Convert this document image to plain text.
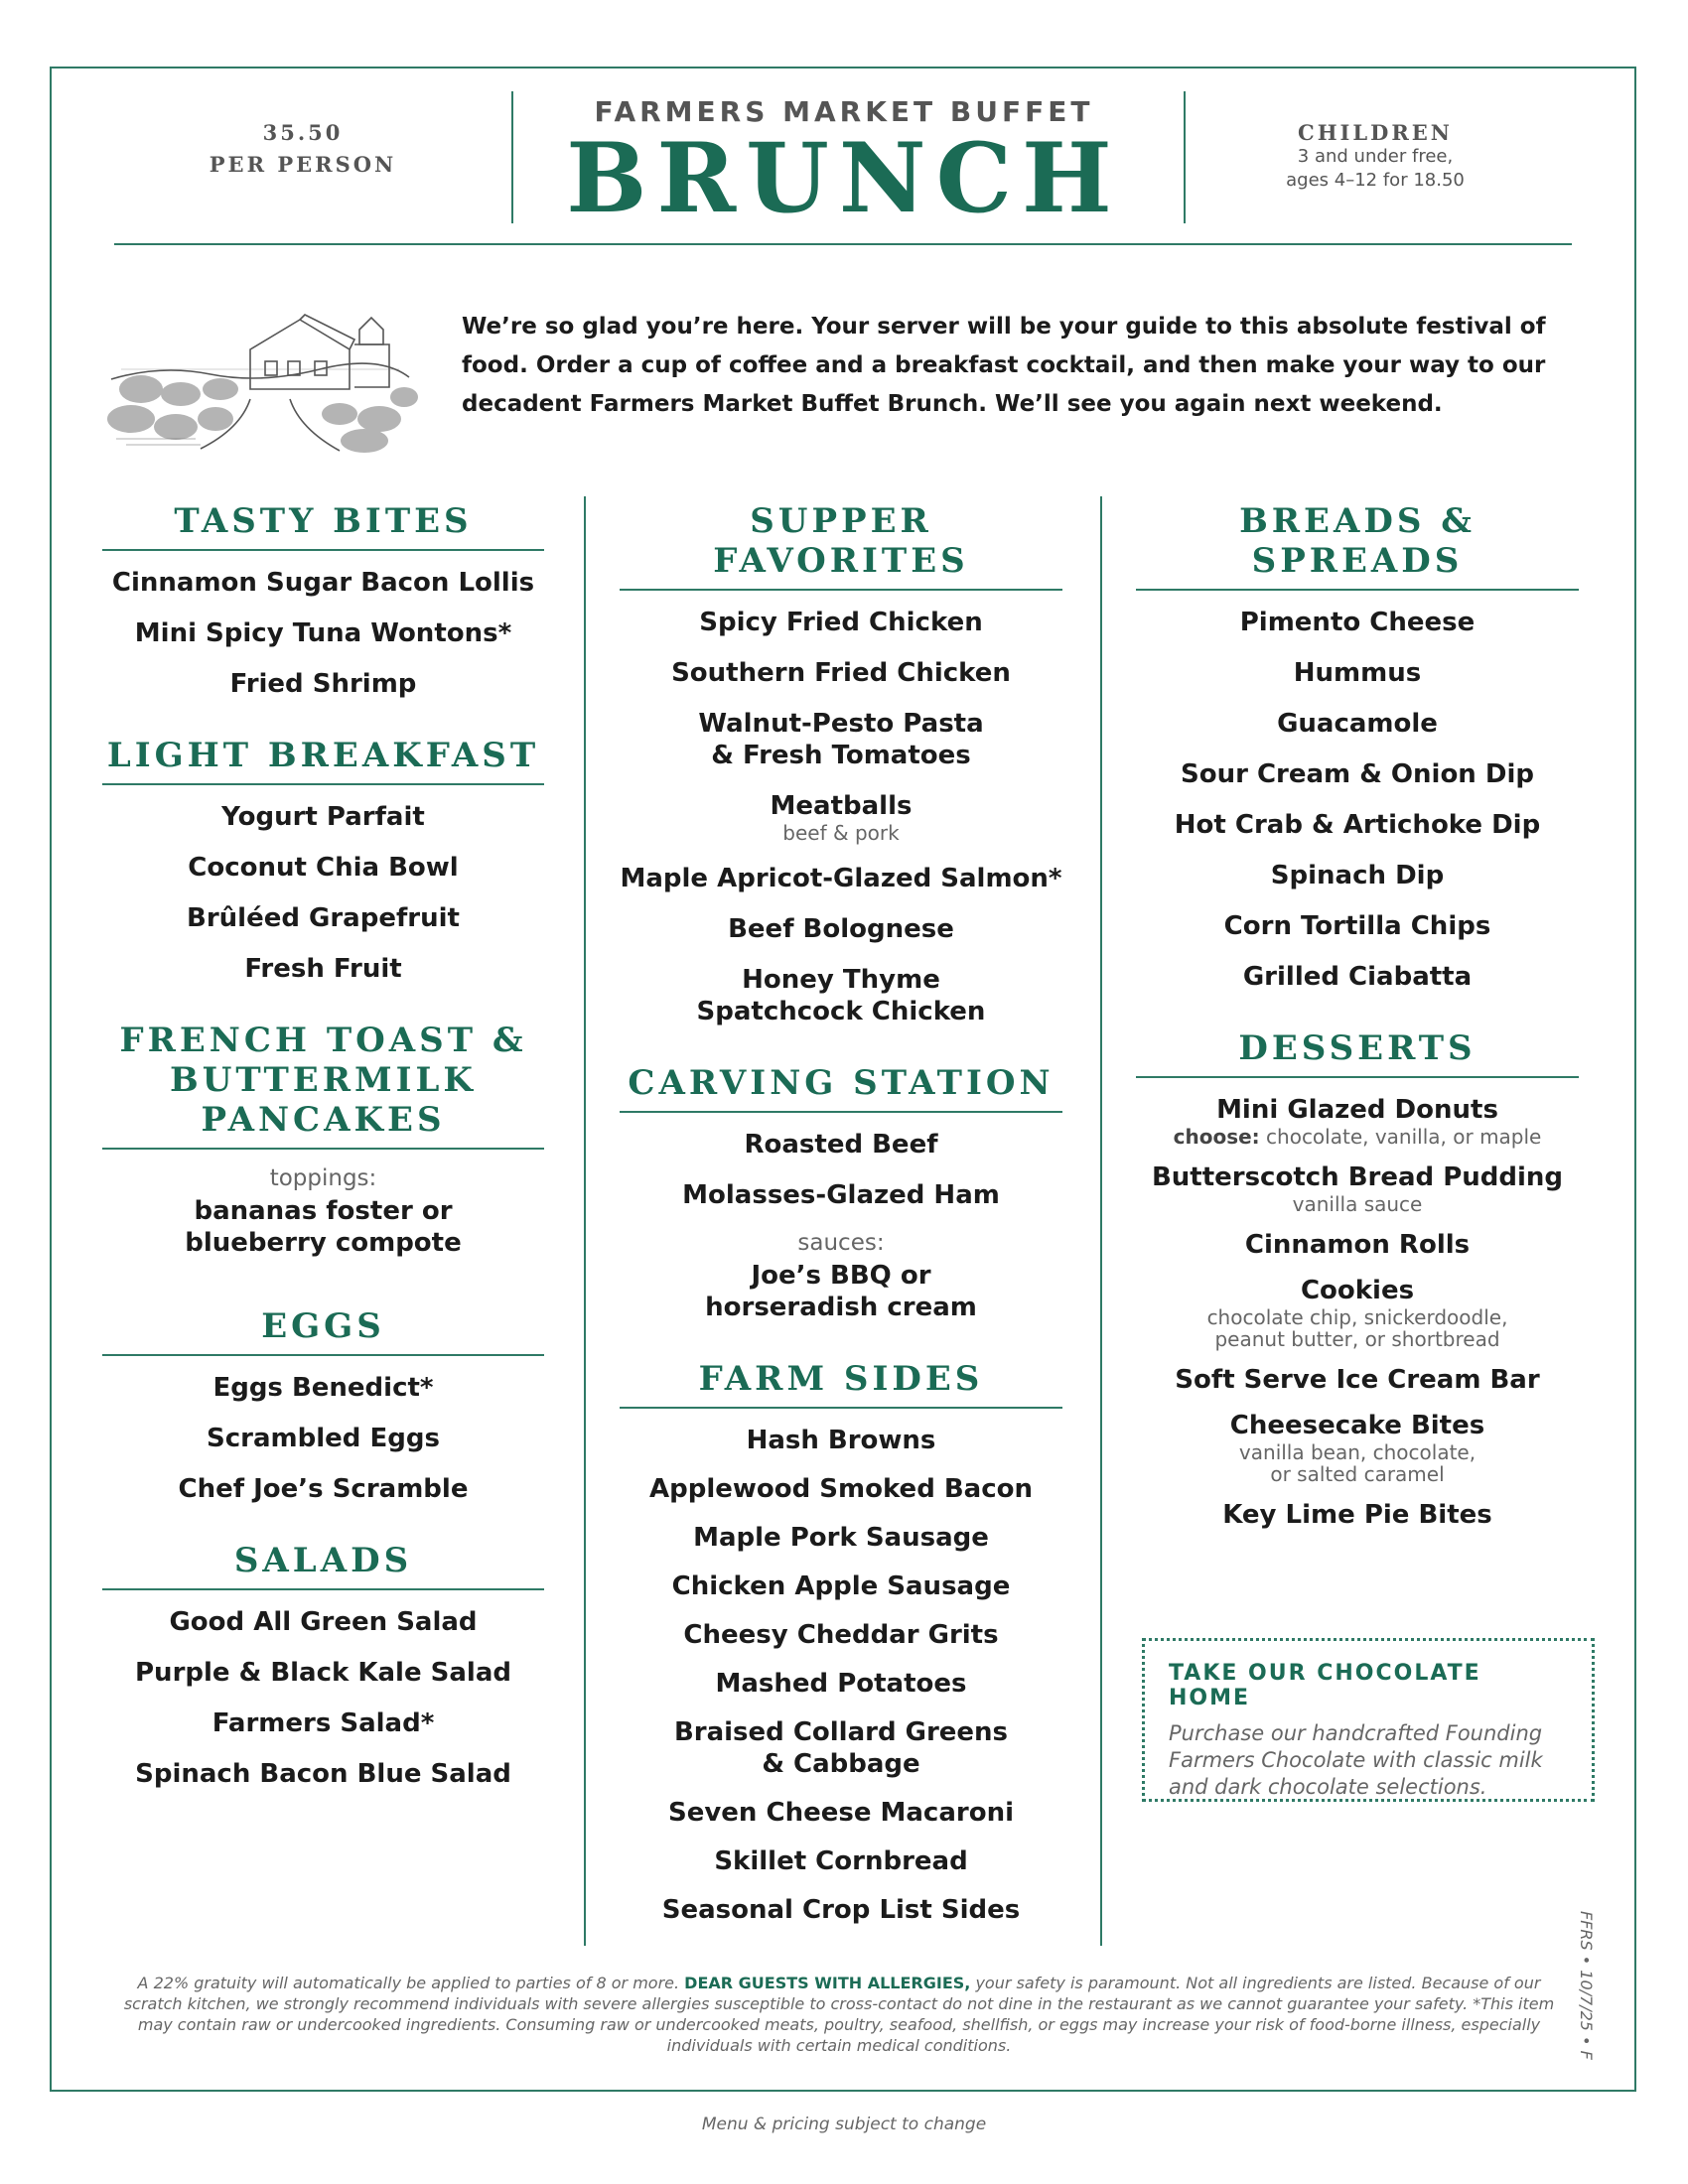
35.50
PER PERSON
FARMERS MARKET BUFFET
BRUNCH	CHILDREN
3 and under free,
ages 4–12 for 18.50
We’re so glad you’re here. Your server will be your guide to this absolute festival of food. Order a cup of coffee and a breakfast cocktail, and then make your way to our decadent Farmers Market Buffet Brunch. We’ll see you again next weekend.
TASTY BITES
Cinnamon Sugar Bacon Lollis
Mini Spicy Tuna Wontons*
Fried Shrimp
LIGHT BREAKFAST
Yogurt Parfait
Coconut Chia Bowl
Brûléed Grapefruit
Fresh Fruit
FRENCH TOAST &
BUTTERMILK
PANCAKES
toppings:
bananas foster or
blueberry compote
EGGS
Eggs Benedict*
Scrambled Eggs
Chef Joe’s Scramble
SALADS
Good All Green Salad
Purple & Black Kale Salad
Farmers Salad*
Spinach Bacon Blue Salad
SUPPER FAVORITES
Spicy Fried Chicken
Southern Fried Chicken
Walnut-Pesto Pasta
& Fresh Tomatoes
Meatballs
beef & pork
Maple Apricot-Glazed Salmon*
Beef Bolognese
Honey Thyme
Spatchcock Chicken
CARVING STATION
Roasted Beef
Molasses-Glazed Ham
sauces:
Joe’s BBQ or
horseradish cream
FARM SIDES
Hash Browns
Applewood Smoked Bacon
Maple Pork Sausage
Chicken Apple Sausage
Cheesy Cheddar Grits
Mashed Potatoes
Braised Collard Greens
& Cabbage
Seven Cheese Macaroni
Skillet Cornbread
Seasonal Crop List Sides
BREADS & SPREADS
Pimento Cheese
Hummus
Guacamole
Sour Cream & Onion Dip
Hot Crab & Artichoke Dip
Spinach Dip
Corn Tortilla Chips
Grilled Ciabatta
DESSERTS
Mini Glazed Donuts
choose: chocolate, vanilla, or maple
Butterscotch Bread Pudding
vanilla sauce
Cinnamon Rolls
Cookies
chocolate chip, snickerdoodle,
peanut butter, or shortbread
Soft Serve Ice Cream Bar
Cheesecake Bites
vanilla bean, chocolate,
or salted caramel
Key Lime Pie Bites
TAKE OUR CHOCOLATE HOME
Purchase our handcrafted Founding Farmers Chocolate with classic milk and dark chocolate selections.
A 22% gratuity will automatically be applied to parties of 8 or more. DEAR GUESTS WITH ALLERGIES, your safety is paramount. Not all ingredients are listed. Because of our scratch kitchen, we strongly recommend individuals with severe allergies susceptible to cross-contact do not dine in the restaurant as we cannot guarantee your safety. *This item may contain raw or undercooked ingredients. Consuming raw or undercooked meats, poultry, seafood, shellfish, or eggs may increase your risk of food-borne illness, especially individuals with certain medical conditions.	FFRS • 10/7/25 • F
Menu & pricing subject to change
